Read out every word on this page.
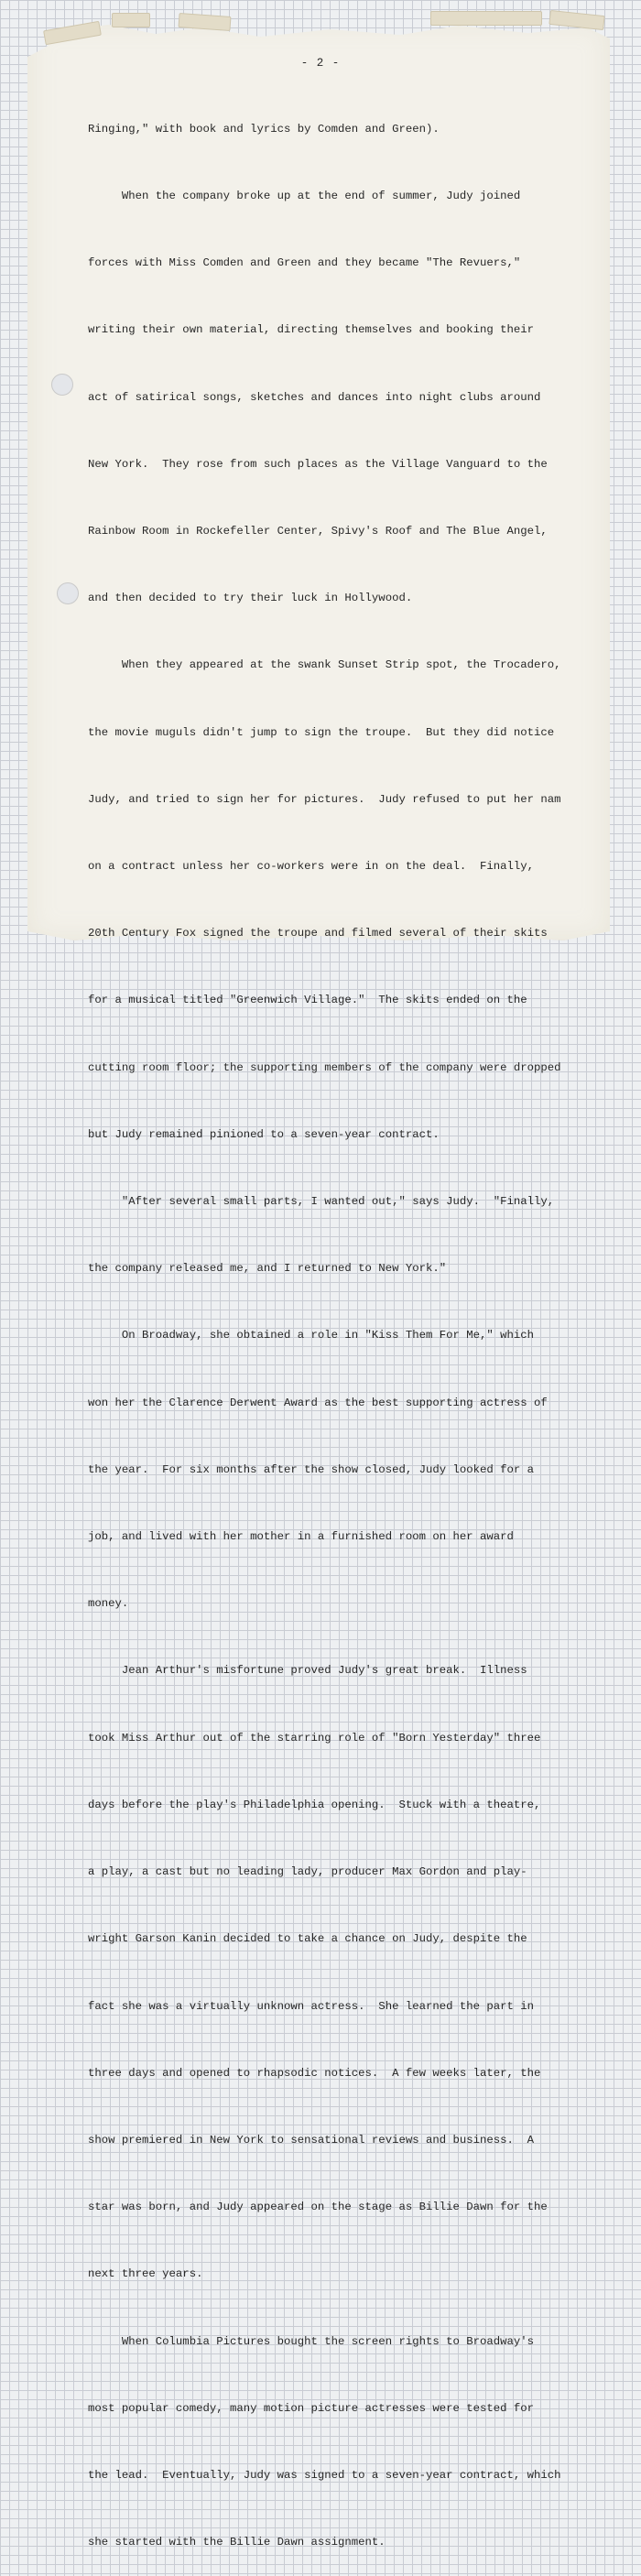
- 2 -

Ringing," with book and lyrics by Comden and Green).

When the company broke up at the end of summer, Judy joined

forces with Miss Comden and Green and they became "The Revuers,"

writing their own material, directing themselves and booking their

act of satirical songs, sketches and dances into night clubs around

New York.  They rose from such places as the Village Vanguard to the

Rainbow Room in Rockefeller Center, Spivy's Roof and The Blue Angel,

and then decided to try their luck in Hollywood.

When they appeared at the swank Sunset Strip spot, the Trocadero,

the movie muguls didn't jump to sign the troupe.  But they did notice

Judy, and tried to sign her for pictures.  Judy refused to put her nam

on a contract unless her co-workers were in on the deal.  Finally,

20th Century Fox signed the troupe and filmed several of their skits

for a musical titled "Greenwich Village."  The skits ended on the

cutting room floor; the supporting members of the company were dropped

but Judy remained pinioned to a seven-year contract.

"After several small parts, I wanted out," says Judy.  "Finally,

the company released me, and I returned to New York."

On Broadway, she obtained a role in "Kiss Them For Me," which

won her the Clarence Derwent Award as the best supporting actress of

the year.  For six months after the show closed, Judy looked for a

job, and lived with her mother in a furnished room on her award

money.

Jean Arthur's misfortune proved Judy's great break.  Illness

took Miss Arthur out of the starring role of "Born Yesterday" three

days before the play's Philadelphia opening.  Stuck with a theatre,

a play, a cast but no leading lady, producer Max Gordon and play-

wright Garson Kanin decided to take a chance on Judy, despite the

fact she was a virtually unknown actress.  She learned the part in

three days and opened to rhapsodic notices.  A few weeks later, the

show premiered in New York to sensational reviews and business.  A

star was born, and Judy appeared on the stage as Billie Dawn for the

next three years.

When Columbia Pictures bought the screen rights to Broadway's

most popular comedy, many motion picture actresses were tested for

the lead.  Eventually, Judy was signed to a seven-year contract, which

she started with the Billie Dawn assignment.
